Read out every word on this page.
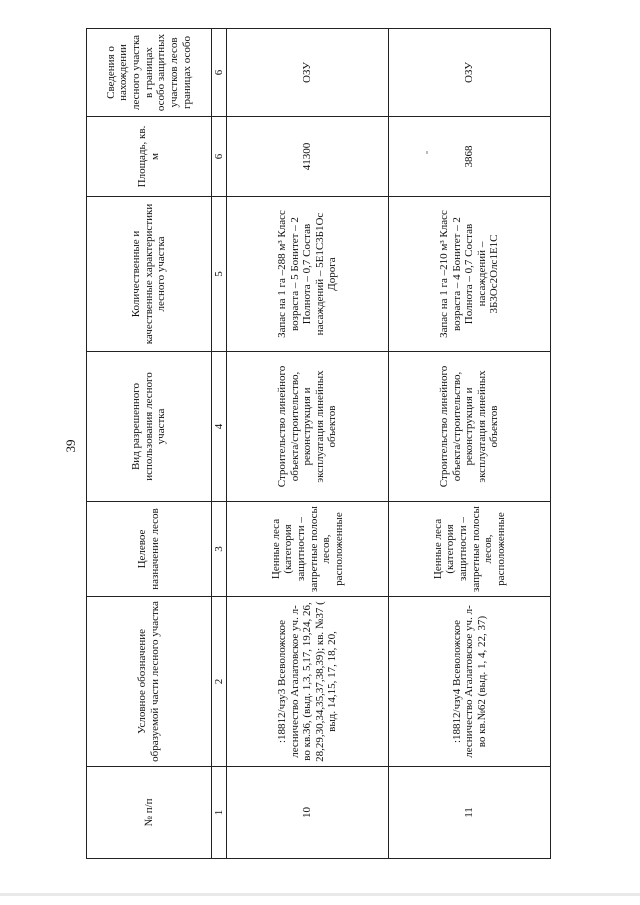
39
№ п/п	Условное обозначение образуемой части лесного участка	Целевое назначение лесов	Вид разрешенного использования лесного участка	Количественные и качественные характеристики лесного участка	Площадь, кв. м	Сведения о нахождении лесного участка в границах особо защитных участков лесов границах особо
1	2	3	4	5	6	6
10	:18812/чзу3 Всеволожское лесничество Агалатовское уч. л-во кв.36, (выд. 1,3, 5,17, 19,24, 26, 28,29,30,34,35,37,38,39); кв. №37 ( выд. 14,15, 17, 18, 20,	Ценные леса (категория защитности – запретные полосы лесов, расположенные	Строительство линейного объекта/строительство, реконструкция и эксплуатация линейных объектов	Запас на 1 га –288 м³ Класс возраста – 5 Бонитет – 2 Полнота – 0,7 Состав насаждений – 5Е1С3Б1Ос Дорога	41300	ОЗУ
11	:18812/чзу4 Всеволожское лесничество Агалатовское уч. л-во кв.№62 (выд. 1, 4, 22, 37)	Ценные леса (категория защитности – запретные полосы лесов, расположенные	Строительство линейного объекта/строительство, реконструкция и эксплуатация линейных объектов	Запас на 1 га –210 м³ Класс возраста – 4 Бонитет – 2 Полнота – 0,7 Состав насаждений – 3Б3Ос2Олс1Е1С	3868	ОЗУ
